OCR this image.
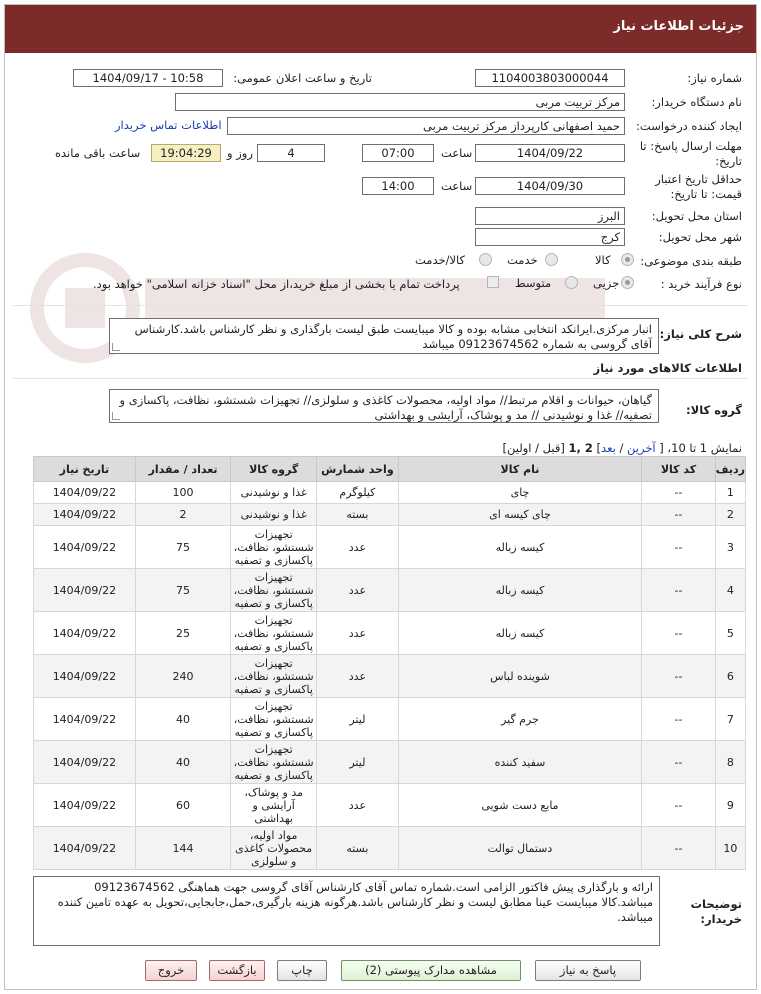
جزئیات اطلاعات نیاز
شماره نیاز:
1104003803000044
تاریخ و ساعت اعلان عمومی:
1404/09/17 - 10:58
نام دستگاه خریدار:
مرکز تربیت مربی
ایجاد کننده درخواست:
حمید اصفهانی کارپرداز مرکز تربیت مربی
اطلاعات تماس خریدار
مهلت ارسال پاسخ: تا
تاریخ:
1404/09/22
ساعت
07:00
4
روز و
19:04:29
ساعت باقی مانده
حداقل تاریخ اعتبار
قیمت: تا تاریخ:
1404/09/30
ساعت
14:00
استان محل تحویل:
البرز
شهر محل تحویل:
کرج
طبقه بندی موضوعی:
کالا
خدمت
کالا/خدمت
نوع فرآیند خرید :
جزیی
متوسط
پرداخت تمام یا بخشی از مبلغ خرید،از محل "اسناد خزانه اسلامی" خواهد بود.
شرح کلی نیاز:
انبار مرکزی.ایرانکد انتخابی مشابه بوده و کالا میبایست طبق لیست بارگذاری و نظر کارشناس باشد.کارشناس آقای گروسی به شماره 09123674562 میباشد
اطلاعات کالاهای مورد نیاز
گروه کالا:
گیاهان، حیوانات و اقلام مرتبط// مواد اولیه، محصولات کاغذی و سلولزی// تجهیزات شستشو، نظافت، پاکسازی و تصفیه// غذا و نوشیدنی // مد و پوشاک، آرایشی و بهداشتی
نمایش 1 تا 10، [ آخرین / بعد] 2 ,1 [قبل / اولین]
ردیف	کد کالا	نام کالا	واحد شمارش	گروه کالا	تعداد / مقدار	تاریخ نیاز
1	--	چای	کیلوگرم	غذا و نوشیدنی	100	1404/09/22
2	--	چای کیسه ای	بسته	غذا و نوشیدنی	2	1404/09/22
3	--	کیسه زباله	عدد	تجهیزات شستشو، نظافت، پاکسازی و تصفیه	75	1404/09/22
4	--	کیسه زباله	عدد	تجهیزات شستشو، نظافت، پاکسازی و تصفیه	75	1404/09/22
5	--	کیسه زباله	عدد	تجهیزات شستشو، نظافت، پاکسازی و تصفیه	25	1404/09/22
6	--	شوینده لباس	عدد	تجهیزات شستشو، نظافت، پاکسازی و تصفیه	240	1404/09/22
7	--	جرم گیر	لیتر	تجهیزات شستشو، نظافت، پاکسازی و تصفیه	40	1404/09/22
8	--	سفید کننده	لیتر	تجهیزات شستشو، نظافت، پاکسازی و تصفیه	40	1404/09/22
9	--	مایع دست شویی	عدد	مد و پوشاک، آرایشی و بهداشتی	60	1404/09/22
10	--	دستمال توالت	بسته	مواد اولیه، محصولات کاغذی و سلولزی	144	1404/09/22
توضیحات
خریدار:
ارائه و بارگذاری پیش فاکتور الزامی است.شماره تماس آقای کارشناس آقای گروسی جهت هماهنگی 09123674562 میباشد.کالا میبایست عینا مطابق لیست و نظر کارشناس باشد.هرگونه هزینه بارگیری،حمل،جابجایی،تحویل به عهده تامین کننده میباشد.
پاسخ به نیاز
مشاهده مدارک پیوستی (2)
چاپ
بازگشت
خروج
